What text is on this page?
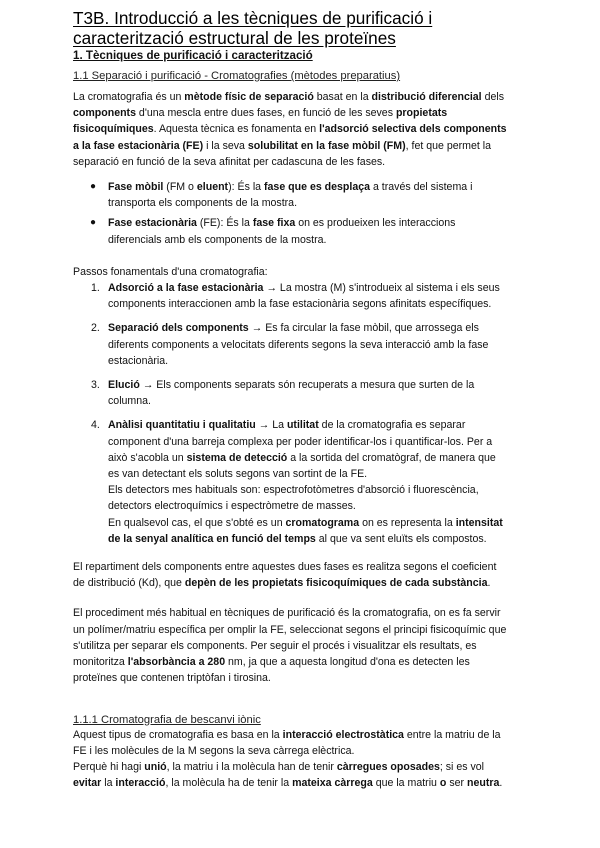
T3B. Introducció a les tècniques de purificació i
caracterització estructural de les proteïnes
1. Tècniques de purificació i caracterització
1.1 Separació i purificació - Cromatografies (mètodes preparatius)

La cromatografia és un mètode físic de separació basat en la distribució diferencial dels
components d'una mescla entre dues fases, en funció de les seves propietats
fisicoquímiques. Aquesta tècnica es fonamenta en l'adsorció selectiva dels components
a la fase estacionària (FE) i la seva solubilitat en la fase mòbil (FM), fet que permet la
separació en funció de la seva afinitat per cadascuna de les fases.

● Fase mòbil (FM o eluent): És la fase que es desplaça a través del sistema i
transporta els components de la mostra.
● Fase estacionària (FE): És la fase fixa on es produeixen les interaccions
diferencials amb els components de la mostra.

Passos fonamentals d'una cromatografia:

1. Adsorció a la fase estacionària → La mostra (M) s'introdueix al sistema i els seus
components interaccionen amb la fase estacionària segons afinitats específiques.
2. Separació dels components → Es fa circular la fase mòbil, que arrossega els
diferents components a velocitats diferents segons la seva interacció amb la fase
estacionària.
3. Elució → Els components separats són recuperats a mesura que surten de la
columna.
4. Anàlisi quantitatiu i qualitatiu → La utilitat de la cromatografia es separar
component d'una barreja complexa per poder identificar-los i quantificar-los. Per a
això s'acobla un sistema de detecció a la sortida del cromatògraf, de manera que
es van detectant els soluts segons van sortint de la FE.
Els detectors mes habituals son: espectrofotòmetres d'absorció i fluorescència,
detectors electroquímics i espectròmetre de masses.
En qualsevol cas, el que s'obté es un cromatograma on es representa la intensitat
de la senyal analítica en funció del temps al que va sent eluïts els compostos.

El repartiment dels components entre aquestes dues fases es realitza segons el coeficient
de distribució (Kd), que depèn de les propietats fisicoquímiques de cada substància.

El procediment més habitual en tècniques de purificació és la cromatografia, on es fa servir
un polímer/matriu específica per omplir la FE, seleccionat segons el principi fisicoquímic que
s'utilitza per separar els components. Per seguir el procés i visualitzar els resultats, es
monitoritza l'absorbància a 280 nm, ja que a aquesta longitud d'ona es detecten les
proteïnes que contenen triptòfan i tirosina.

1.1.1 Cromatografia de bescanvi iònic

Aquest tipus de cromatografia es basa en la interacció electrostàtica entre la matriu de la
FE i les molècules de la M segons la seva càrrega elèctrica.
Perquè hi hagi unió, la matriu i la molècula han de tenir càrregues oposades; si es vol
evitar la interacció, la molècula ha de tenir la mateixa càrrega que la matriu o ser neutra.
